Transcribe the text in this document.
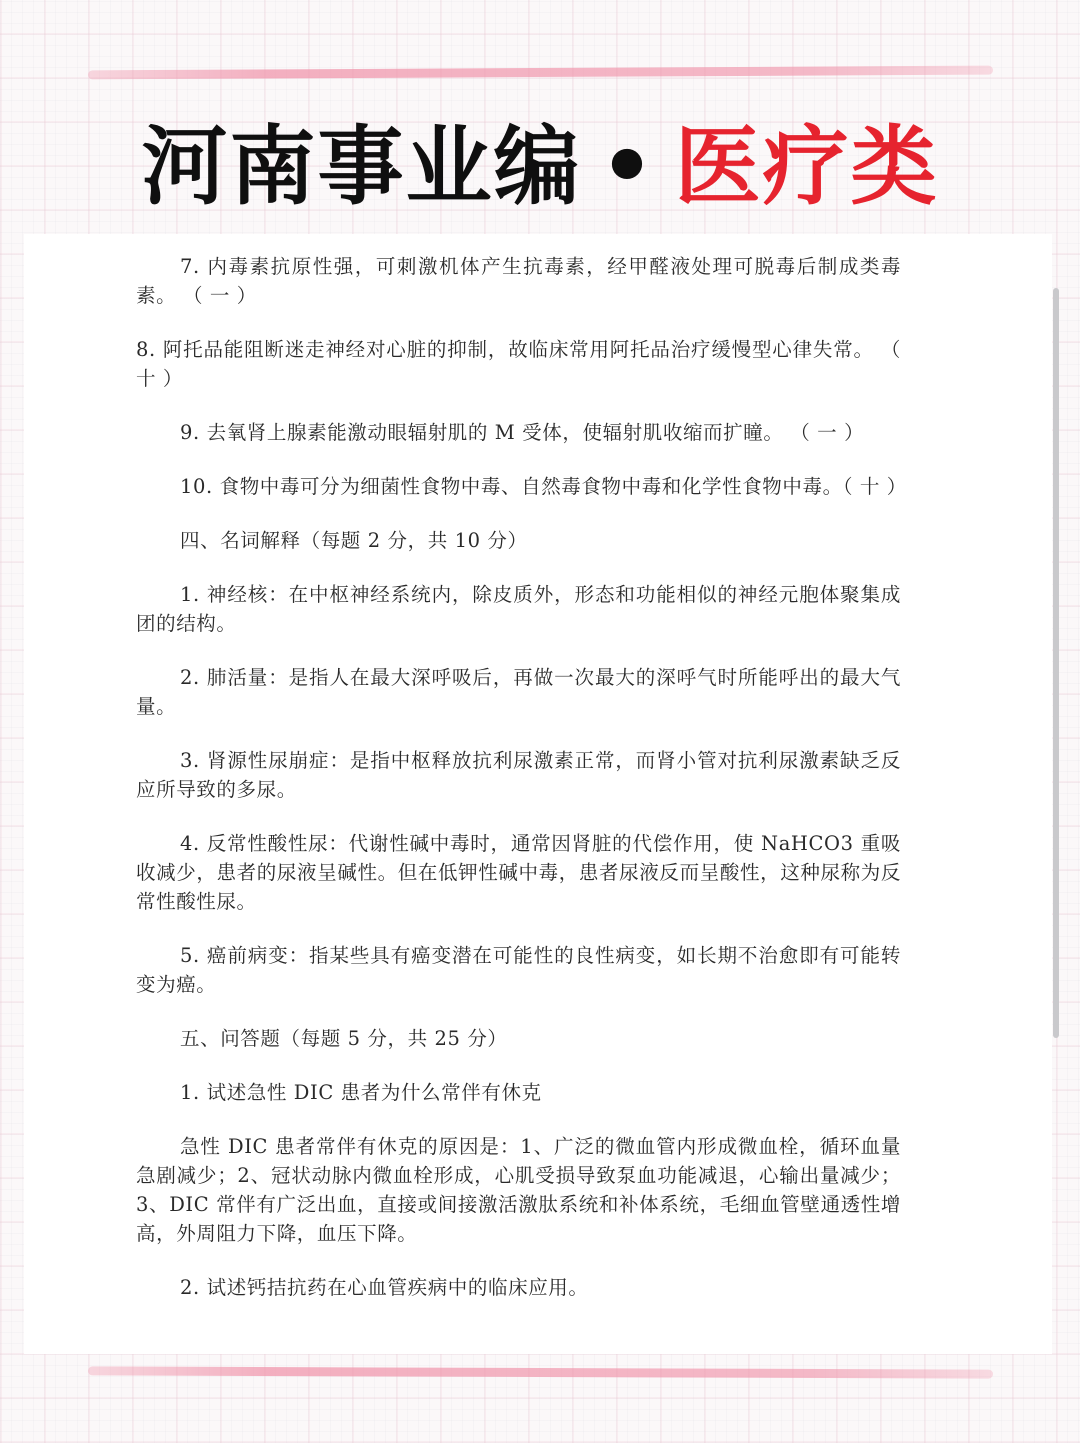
河南事业编 • 医疗类

7. 内毒素抗原性强，可刺激机体产生抗毒素，经甲醛液处理可脱毒后制成类毒素。 （ 一 ）

8. 阿托品能阻断迷走神经对心脏的抑制，故临床常用阿托品治疗缓慢型心律失常。 （ 十 ）

9. 去氧肾上腺素能激动眼辐射肌的 M 受体，使辐射肌收缩而扩瞳。 （ 一 ）

10. 食物中毒可分为细菌性食物中毒、自然毒食物中毒和化学性食物中毒。（ 十 ）

四、名词解释（每题 2 分，共 10 分）

1. 神经核：在中枢神经系统内，除皮质外，形态和功能相似的神经元胞体聚集成团的结构。

2. 肺活量：是指人在最大深呼吸后，再做一次最大的深呼气时所能呼出的最大气量。

3. 肾源性尿崩症：是指中枢释放抗利尿激素正常，而肾小管对抗利尿激素缺乏反应所导致的多尿。

4. 反常性酸性尿：代谢性碱中毒时，通常因肾脏的代偿作用，使 NaHCO3 重吸收减少，患者的尿液呈碱性。但在低钾性碱中毒，患者尿液反而呈酸性，这种尿称为反常性酸性尿。

5. 癌前病变：指某些具有癌变潜在可能性的良性病变，如长期不治愈即有可能转变为癌。

五、问答题（每题 5 分，共 25 分）

1. 试述急性 DIC 患者为什么常伴有休克

急性 DIC 患者常伴有休克的原因是：1、广泛的微血管内形成微血栓，循环血量急剧减少；2、冠状动脉内微血栓形成，心肌受损导致泵血功能减退，心输出量减少；3、DIC 常伴有广泛出血，直接或间接激活激肽系统和补体系统，毛细血管壁通透性增高，外周阻力下降，血压下降。

2. 试述钙拮抗药在心血管疾病中的临床应用。
